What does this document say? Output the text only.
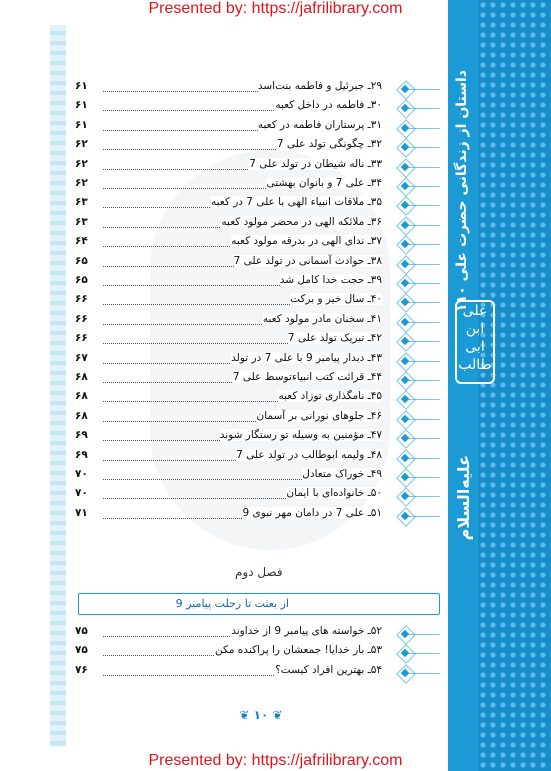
Presented by: https://jafrilibrary.com
۱۱۰ داستان از زندگانی حضرت علی
علیه‌السلام
علی ابن ابی طالب
۶۱	۲۹ـ جبرئیل و فاطمه بنت‌اسد
۶۱	۳۰ـ فاطمه در داخل کعبه
۶۱	۳۱ـ پرستاران فاطمه در کعبه
۶۲	۳۲ـ چگونگی تولد علی 7
۶۲	۳۳ـ ناله شیطان در تولد علی 7
۶۲	۳۴ـ علی 7 و بانوان بهشتی
۶۳	۳۵ـ ملاقات انبیاء الهی با علی 7 در کعبه
۶۳	۳۶ـ ملائکه الهی در محضر مولود کعبه
۶۴	۳۷ـ ندای الهی در بدرقه مولود کعبه
۶۵	۳۸ـ حوادث آسمانی در تولد علی 7
۶۵	۳۹ـ حجت خدا کامل شد
۶۶	۴۰ـ سال خیر و برکت
۶۶	۴۱ـ سخنان مادر مولود کعبه
۶۶	۴۲ـ تبریک تولد علی 7
۶۷	۴۳ـ دیدار پیامبر 9 با علی 7 در تولد
۶۸	۴۴ـ قرائت کتب انبیاءتوسط علی 7
۶۸	۴۵ـ نامگذاری نوزاد کعبه
۶۸	۴۶ـ جلوهای نورانی بر آسمان
۶۹	۴۷ـ مؤمنین به وسیله تو رستگار شوند
۶۹	۴۸ـ ولیمه ابوطالب در تولد علی 7
۷۰	۴۹ـ خوراک متعادل
۷۰	۵۰ـ خانواده‌ای با ایمان
۷۱	۵۱ـ علی 7 در دامان مهر نبوی 9
۷۵	۵۲ـ خواسته های پیامبر 9 از خداوند
۷۵	۵۳ـ بار خدایا! جمعشان را پراکنده مکن
۷۶	۵۴ـ بهترین افراد کیست؟
فصل دوم
از بعثت تا رحلت پیامبر 9
❦ ۱۰ ❦
Presented by: https://jafrilibrary.com
